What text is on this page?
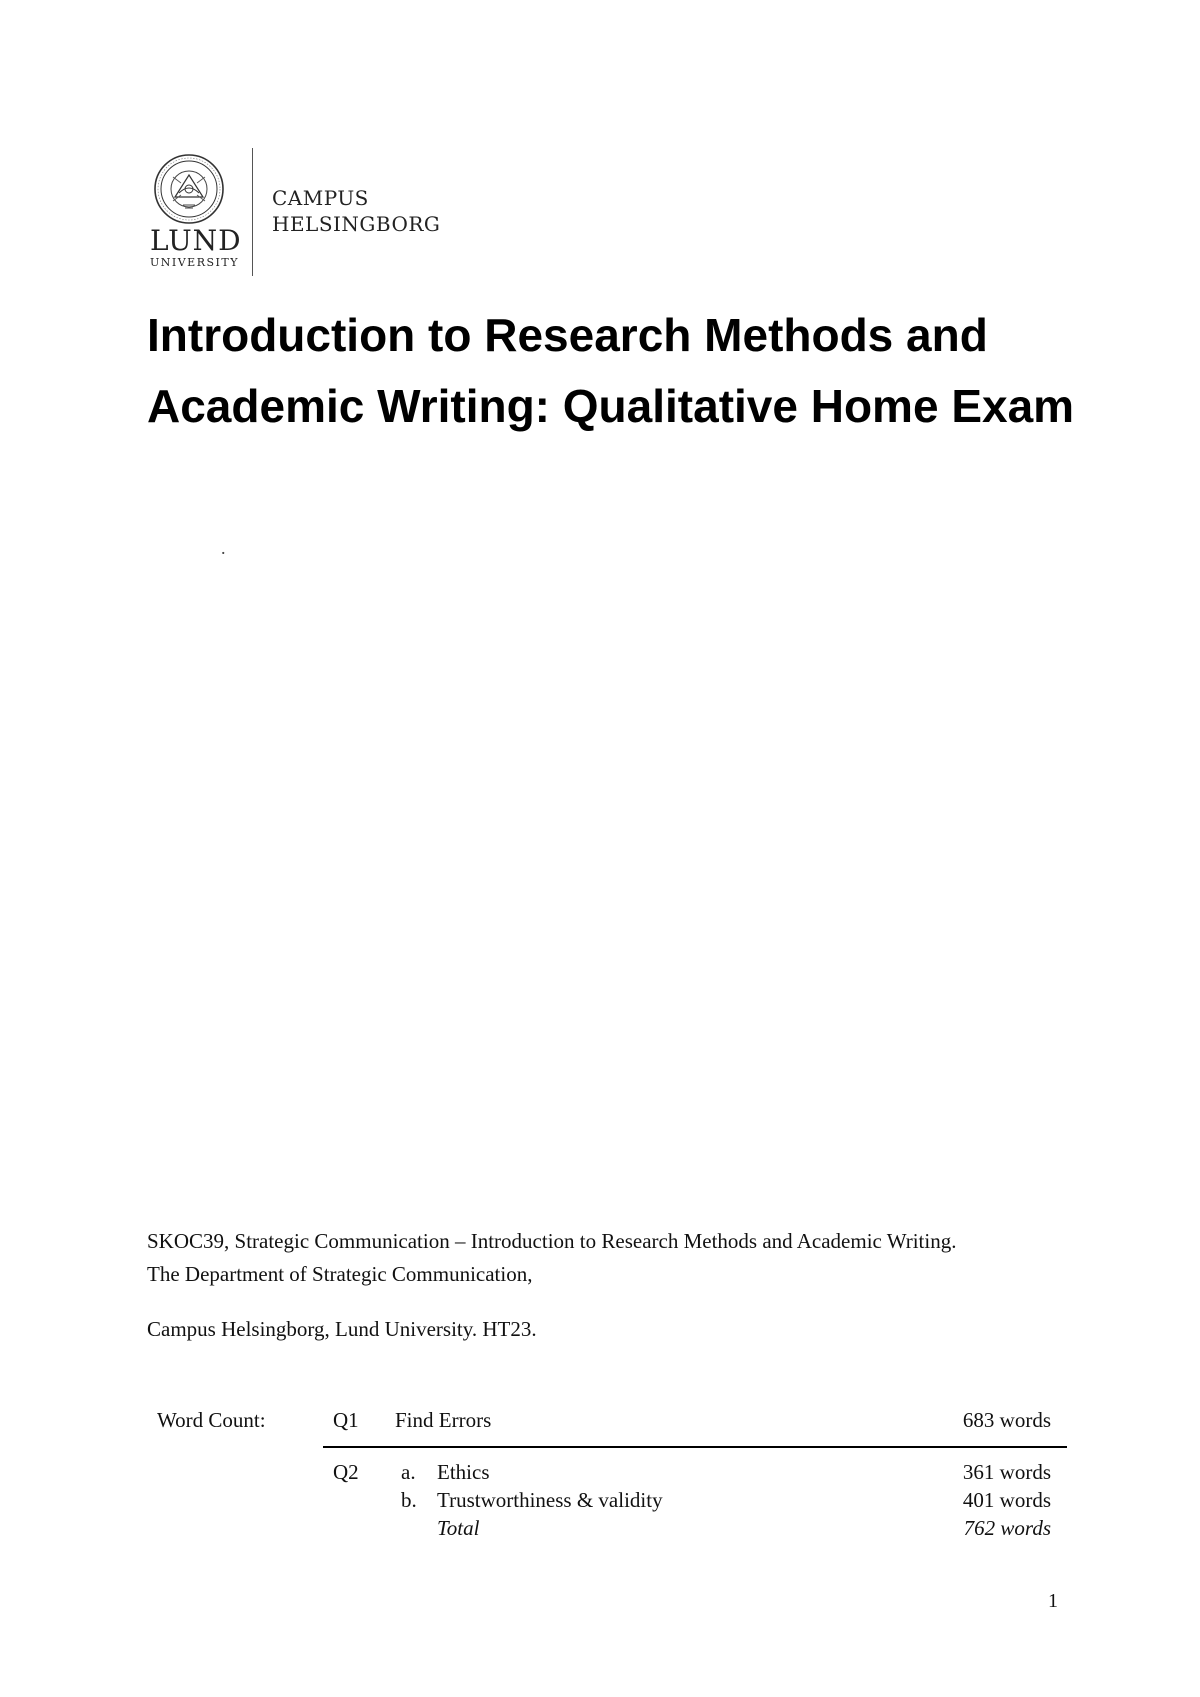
LUND
UNIVERSITY
CAMPUS
HELSINGBORG
Introduction to Research Methods and Academic Writing: Qualitative Home Exam
.

SKOC39, Strategic Communication – Introduction to Research Methods and Academic Writing.

The Department of Strategic Communication,

Campus Helsingborg, Lund University. HT23.

Word Count:	Q1 Find Errors	683 words
Q2 a. Ethics	361 words
b. Trustworthiness & validity	401 words
Total	762 words
1
